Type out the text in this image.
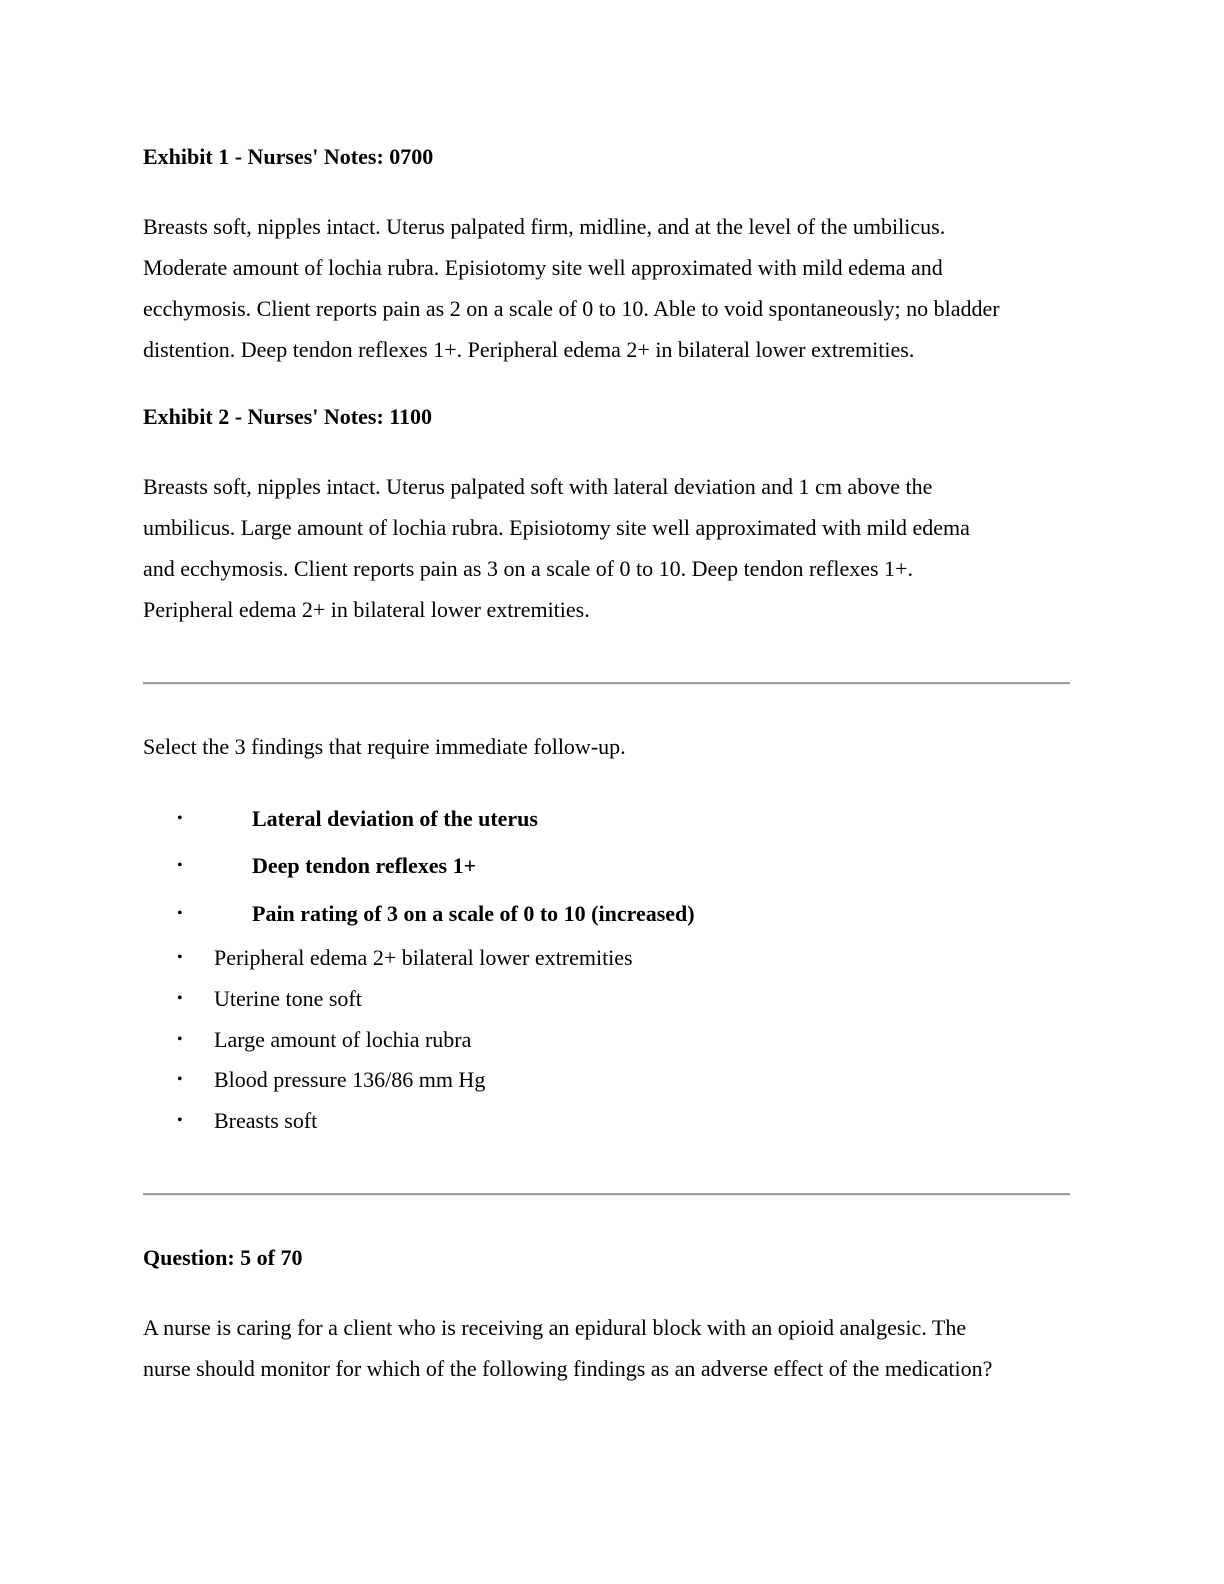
Exhibit 1 - Nurses' Notes: 0700
Breasts soft, nipples intact. Uterus palpated firm, midline, and at the level of the umbilicus.
Moderate amount of lochia rubra. Episiotomy site well approximated with mild edema and
ecchymosis. Client reports pain as 2 on a scale of 0 to 10. Able to void spontaneously; no bladder
distention. Deep tendon reflexes 1+. Peripheral edema 2+ in bilateral lower extremities.
Exhibit 2 - Nurses' Notes: 1100
Breasts soft, nipples intact. Uterus palpated soft with lateral deviation and 1 cm above the
umbilicus. Large amount of lochia rubra. Episiotomy site well approximated with mild edema
and ecchymosis. Client reports pain as 3 on a scale of 0 to 10. Deep tendon reflexes 1+.
Peripheral edema 2+ in bilateral lower extremities.
Select the 3 findings that require immediate follow-up.
•	Lateral deviation of the uterus
•	Deep tendon reflexes 1+
•	Pain rating of 3 on a scale of 0 to 10 (increased)
• Peripheral edema 2+ bilateral lower extremities
• Uterine tone soft
• Large amount of lochia rubra
• Blood pressure 136/86 mm Hg
• Breasts soft
Question: 5 of 70
A nurse is caring for a client who is receiving an epidural block with an opioid analgesic. The
nurse should monitor for which of the following findings as an adverse effect of the medication?
